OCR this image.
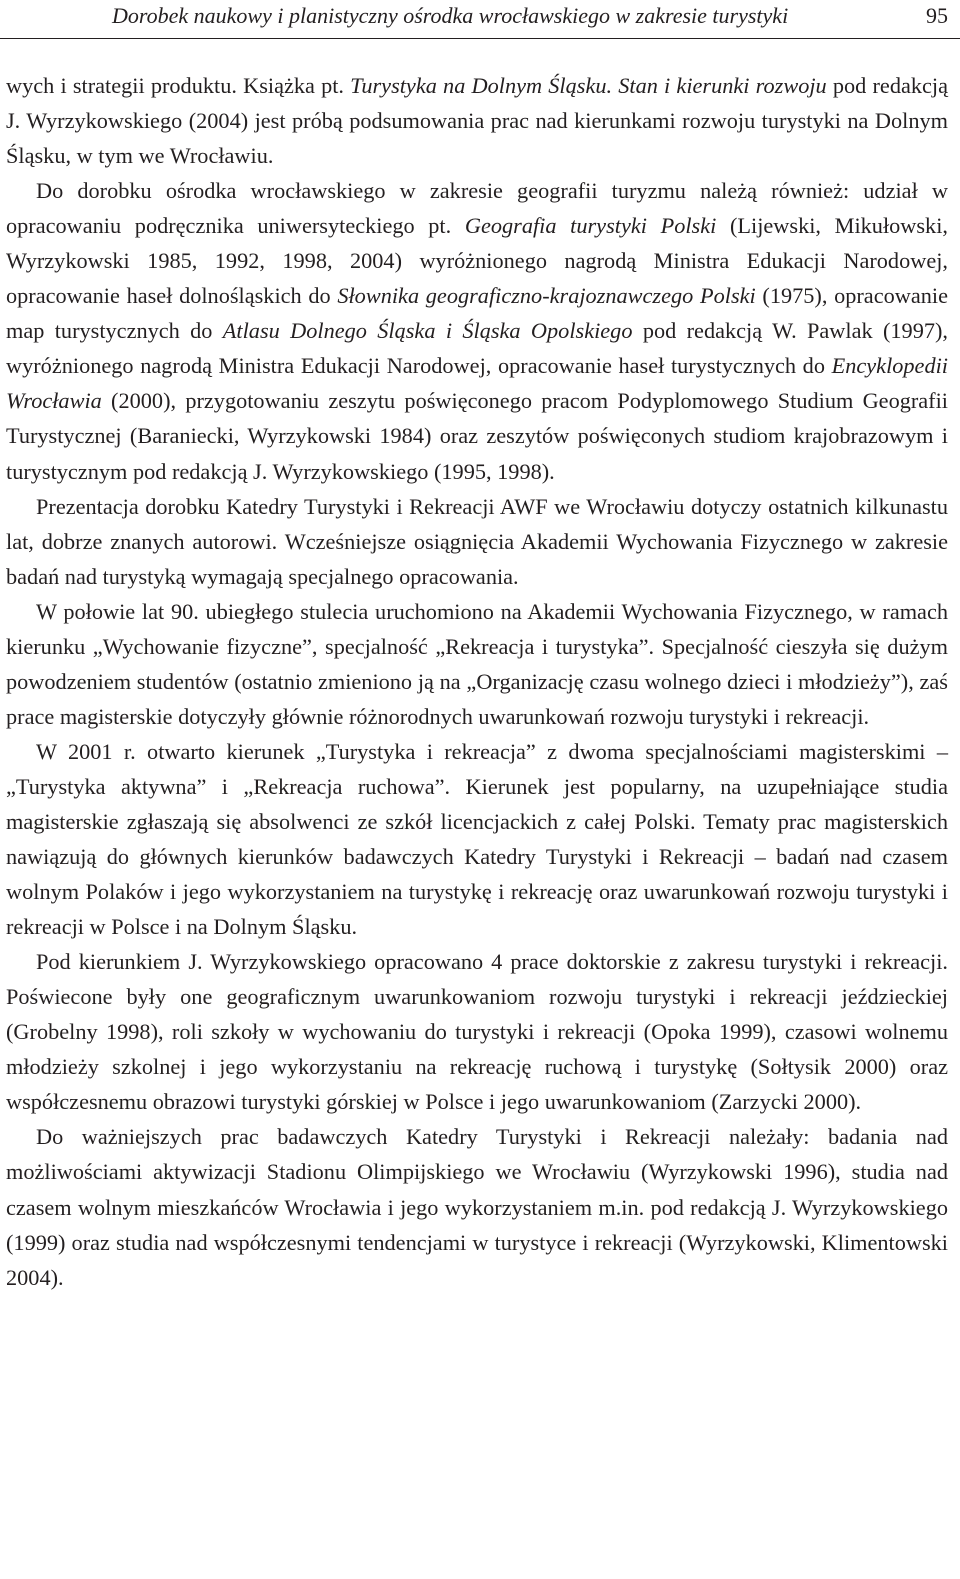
Dorobek naukowy i planistyczny ośrodka wrocławskiego w zakresie turystyki	95

wych i strategii produktu. Książka pt. Turystyka na Dolnym Śląsku. Stan i kierunki rozwoju pod redakcją J. Wyrzykowskiego (2004) jest próbą podsumowania prac nad kierunkami rozwoju turystyki na Dolnym Śląsku, w tym we Wrocławiu.

Do dorobku ośrodka wrocławskiego w zakresie geografii turyzmu należą również: udział w opracowaniu podręcznika uniwersyteckiego pt. Geografia turystyki Polski (Lijewski, Mikułowski, Wyrzykowski 1985, 1992, 1998, 2004) wyróżnionego nagrodą Ministra Edukacji Narodowej, opracowanie haseł dolnośląskich do Słownika geograficzno-krajoznawczego Polski (1975), opracowanie map turystycznych do Atlasu Dolnego Śląska i Śląska Opolskiego pod redakcją W. Pawlak (1997), wyróżnionego nagrodą Ministra Edukacji Narodowej, opracowanie haseł turystycznych do Encyklopedii Wrocławia (2000), przygotowaniu zeszytu poświęconego pracom Podyplomowego Studium Geografii Turystycznej (Baraniecki, Wyrzykowski 1984) oraz zeszytów poświęconych studiom krajobrazowym i turystycznym pod redakcją J. Wyrzykowskiego (1995, 1998).

Prezentacja dorobku Katedry Turystyki i Rekreacji AWF we Wrocławiu dotyczy ostatnich kilkunastu lat, dobrze znanych autorowi. Wcześniejsze osiągnięcia Akademii Wychowania Fizycznego w zakresie badań nad turystyką wymagają specjalnego opracowania.

W połowie lat 90. ubiegłego stulecia uruchomiono na Akademii Wychowania Fizycznego, w ramach kierunku „Wychowanie fizyczne”, specjalność „Rekreacja i turystyka”. Specjalność cieszyła się dużym powodzeniem studentów (ostatnio zmieniono ją na „Organizację czasu wolnego dzieci i młodzieży”), zaś prace magisterskie dotyczyły głównie różnorodnych uwarunkowań rozwoju turystyki i rekreacji.

W 2001 r. otwarto kierunek „Turystyka i rekreacja” z dwoma specjalnościami magisterskimi – „Turystyka aktywna” i „Rekreacja ruchowa”. Kierunek jest popularny, na uzupełniające studia magisterskie zgłaszają się absolwenci ze szkół licencjackich z całej Polski. Tematy prac magisterskich nawiązują do głównych kierunków badawczych Katedry Turystyki i Rekreacji – badań nad czasem wolnym Polaków i jego wykorzystaniem na turystykę i rekreację oraz uwarunkowań rozwoju turystyki i rekreacji w Polsce i na Dolnym Śląsku.

Pod kierunkiem J. Wyrzykowskiego opracowano 4 prace doktorskie z zakresu turystyki i rekreacji. Poświecone były one geograficznym uwarunkowaniom rozwoju turystyki i rekreacji jeździeckiej (Grobelny 1998), roli szkoły w wychowaniu do turystyki i rekreacji (Opoka 1999), czasowi wolnemu młodzieży szkolnej i jego wykorzystaniu na rekreację ruchową i turystykę (Sołtysik 2000) oraz współczesnemu obrazowi turystyki górskiej w Polsce i jego uwarunkowaniom (Zarzycki 2000).

Do ważniejszych prac badawczych Katedry Turystyki i Rekreacji należały: badania nad możliwościami aktywizacji Stadionu Olimpijskiego we Wrocławiu (Wyrzykowski 1996), studia nad czasem wolnym mieszkańców Wrocławia i jego wykorzystaniem m.in. pod redakcją J. Wyrzykowskiego (1999) oraz studia nad współczesnymi tendencjami w turystyce i rekreacji (Wyrzykowski, Klimentowski 2004).
